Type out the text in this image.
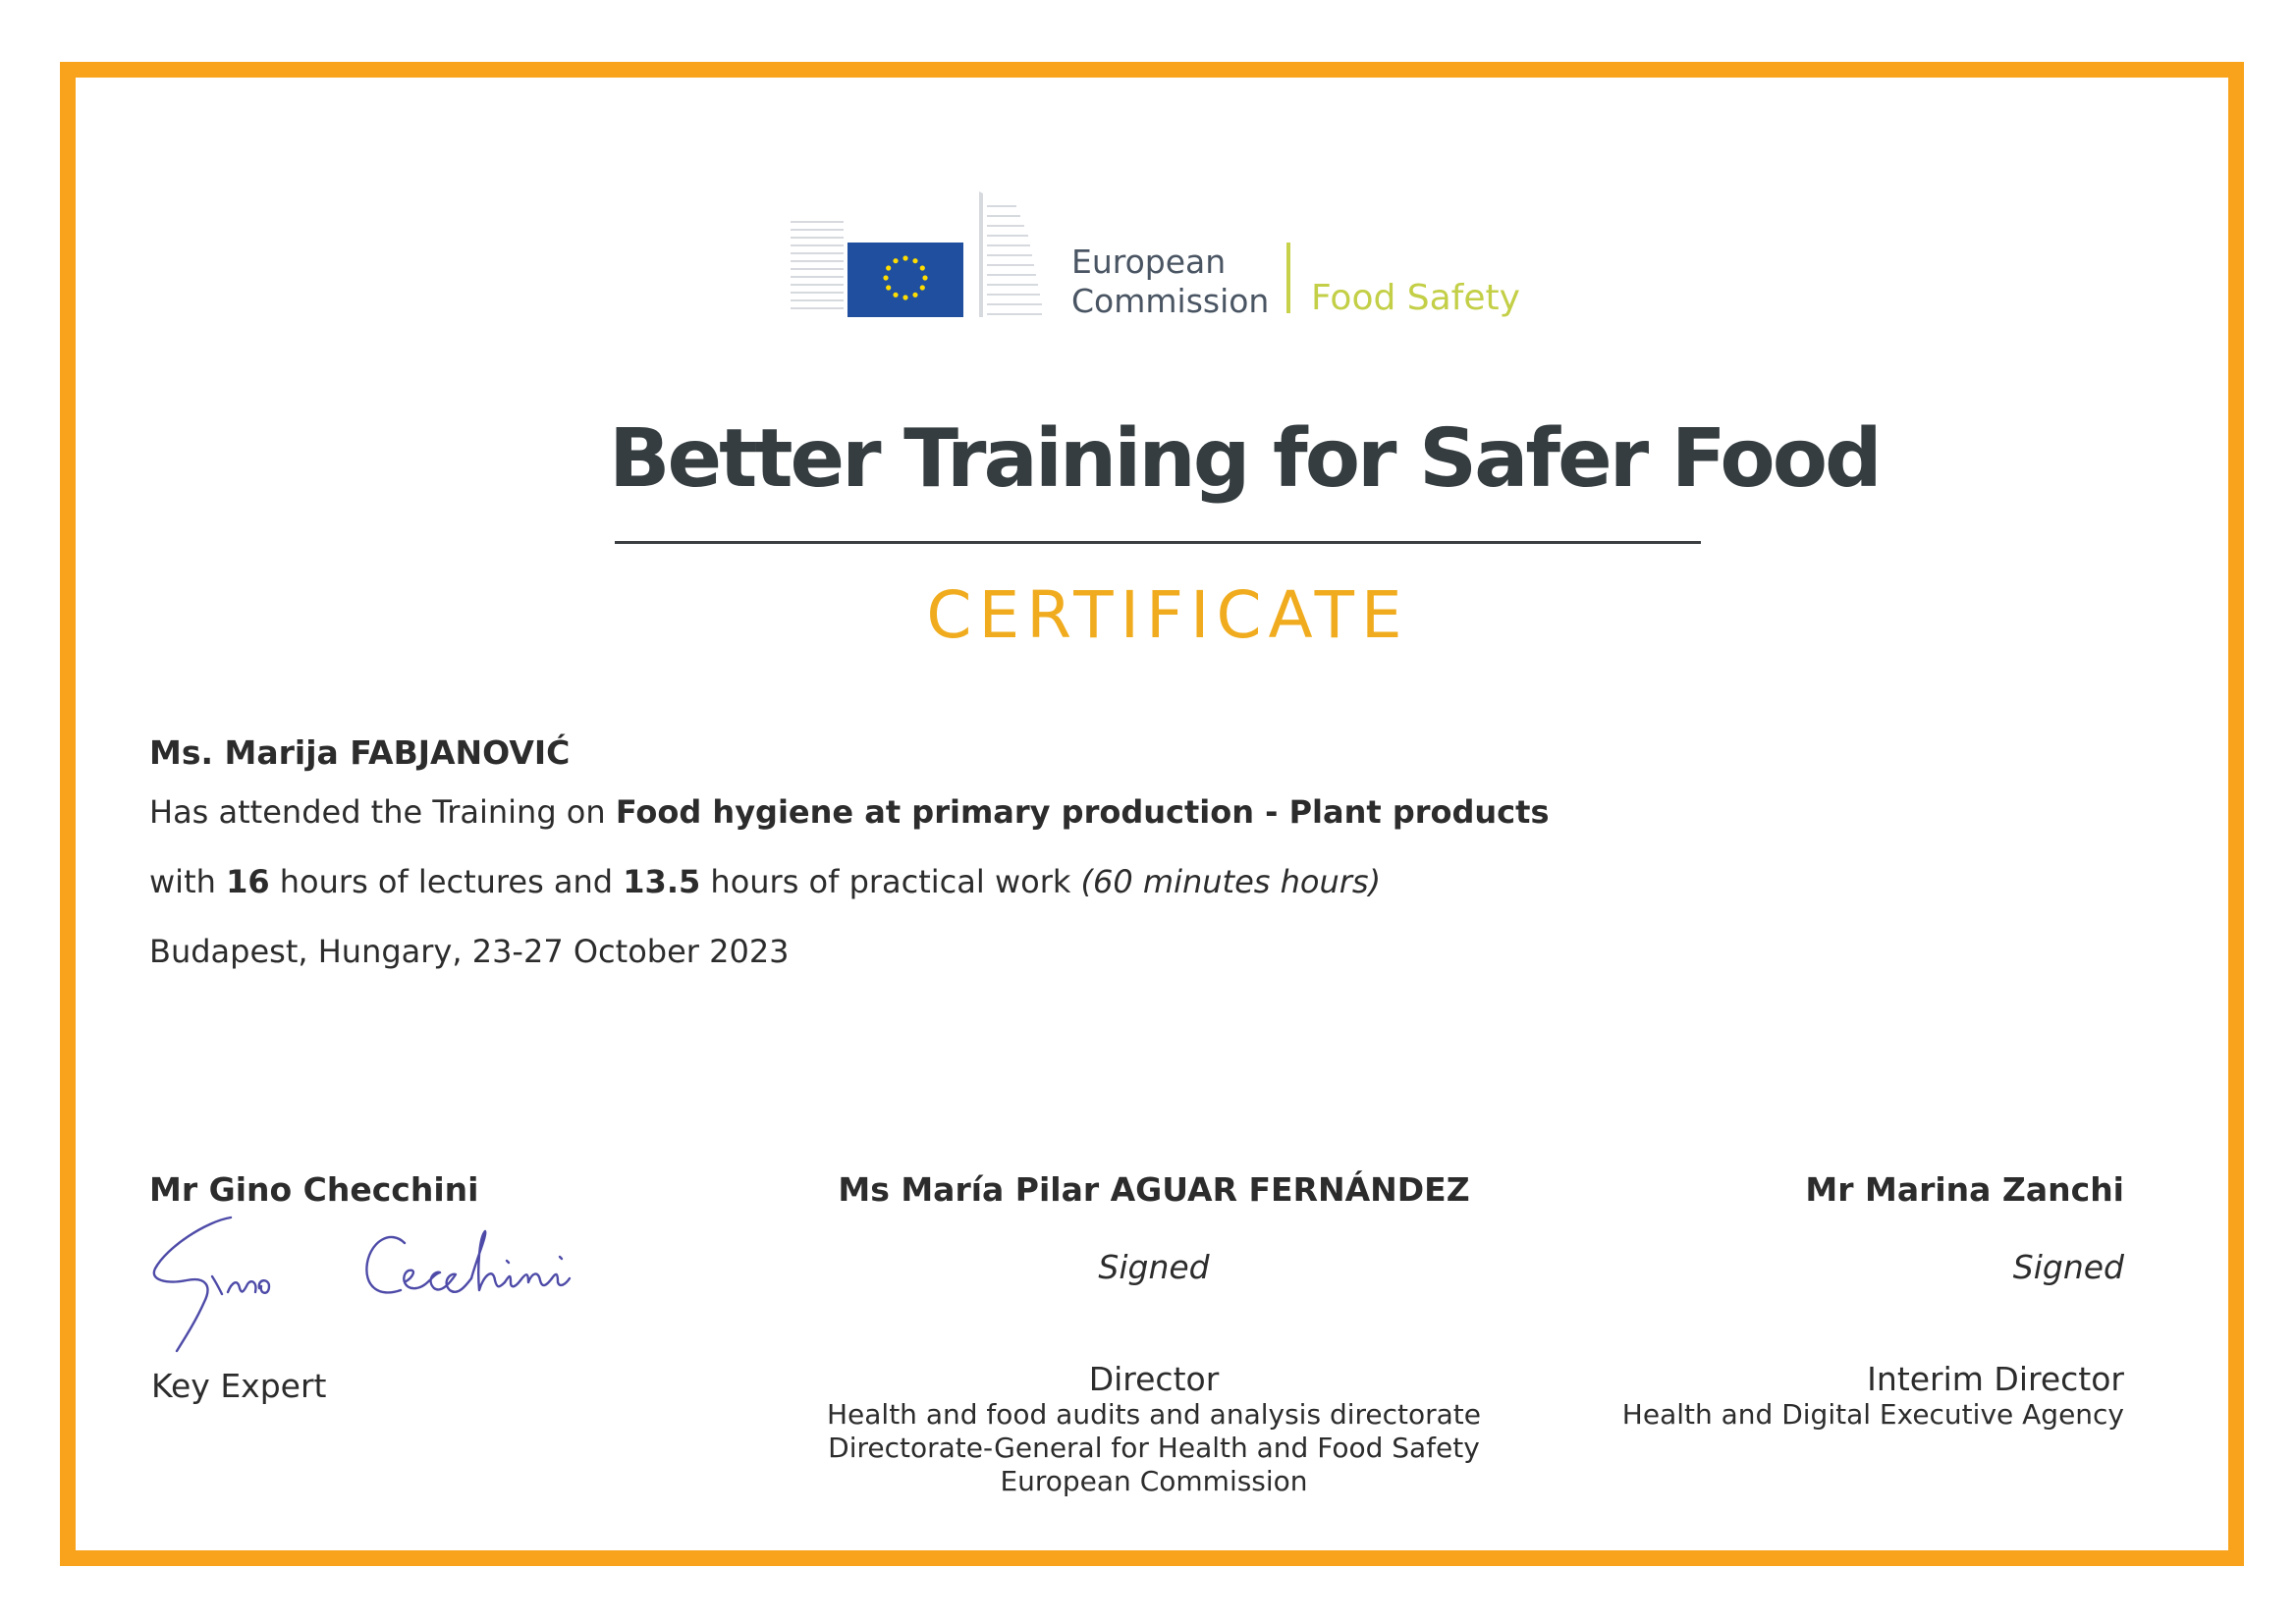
European
Commission Food Safety
Better Training for Safer Food
CERTIFICATE

Ms. Marija FABJANOVIĆ

Has attended the Training on Food hygiene at primary production - Plant products

with 16 hours of lectures and 13.5 hours of practical work (60 minutes hours)

Budapest, Hungary, 23-27 October 2023

Mr Gino Checchini
Key Expert
Ms María Pilar AGUAR FERNÁNDEZ
Signed
Director
Health and food audits and analysis directorate
Directorate-General for Health and Food Safety
European Commission
Mr Marina Zanchi
Signed
Interim Director
Health and Digital Executive Agency
